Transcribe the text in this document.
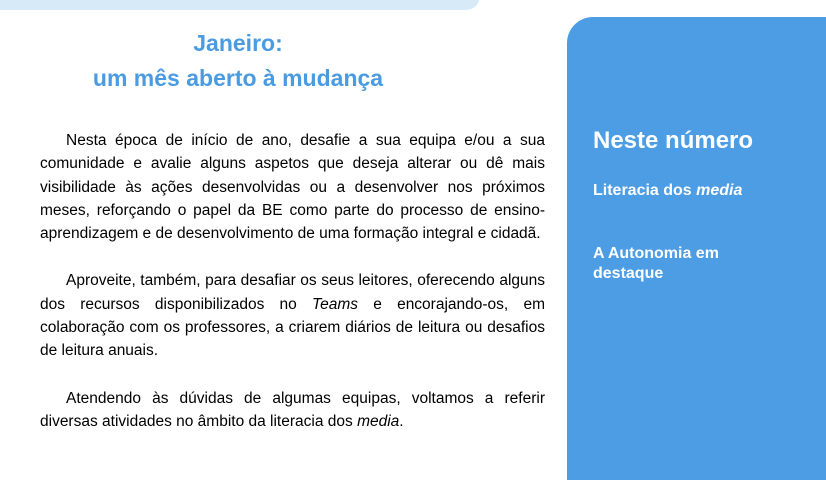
Janeiro:
um mês aberto à mudança

Nesta época de início de ano, desafie a sua equipa e/ou a sua comunidade e avalie alguns aspetos que deseja alterar ou dê mais visibilidade às ações desenvolvidas ou a desenvolver nos próximos meses, reforçando o papel da BE como parte do processo de ensino-aprendizagem e de desenvolvimento de uma formação integral e cidadã.

Aproveite, também, para desafiar os seus leitores, oferecendo alguns dos recursos disponibilizados no Teams e encorajando-os, em colaboração com os professores, a criarem diários de leitura ou desafios de leitura anuais.

Atendendo às dúvidas de algumas equipas, voltamos a referir diversas atividades no âmbito da literacia dos media.

Neste número
Literacia dos media
A Autonomia em destaque
